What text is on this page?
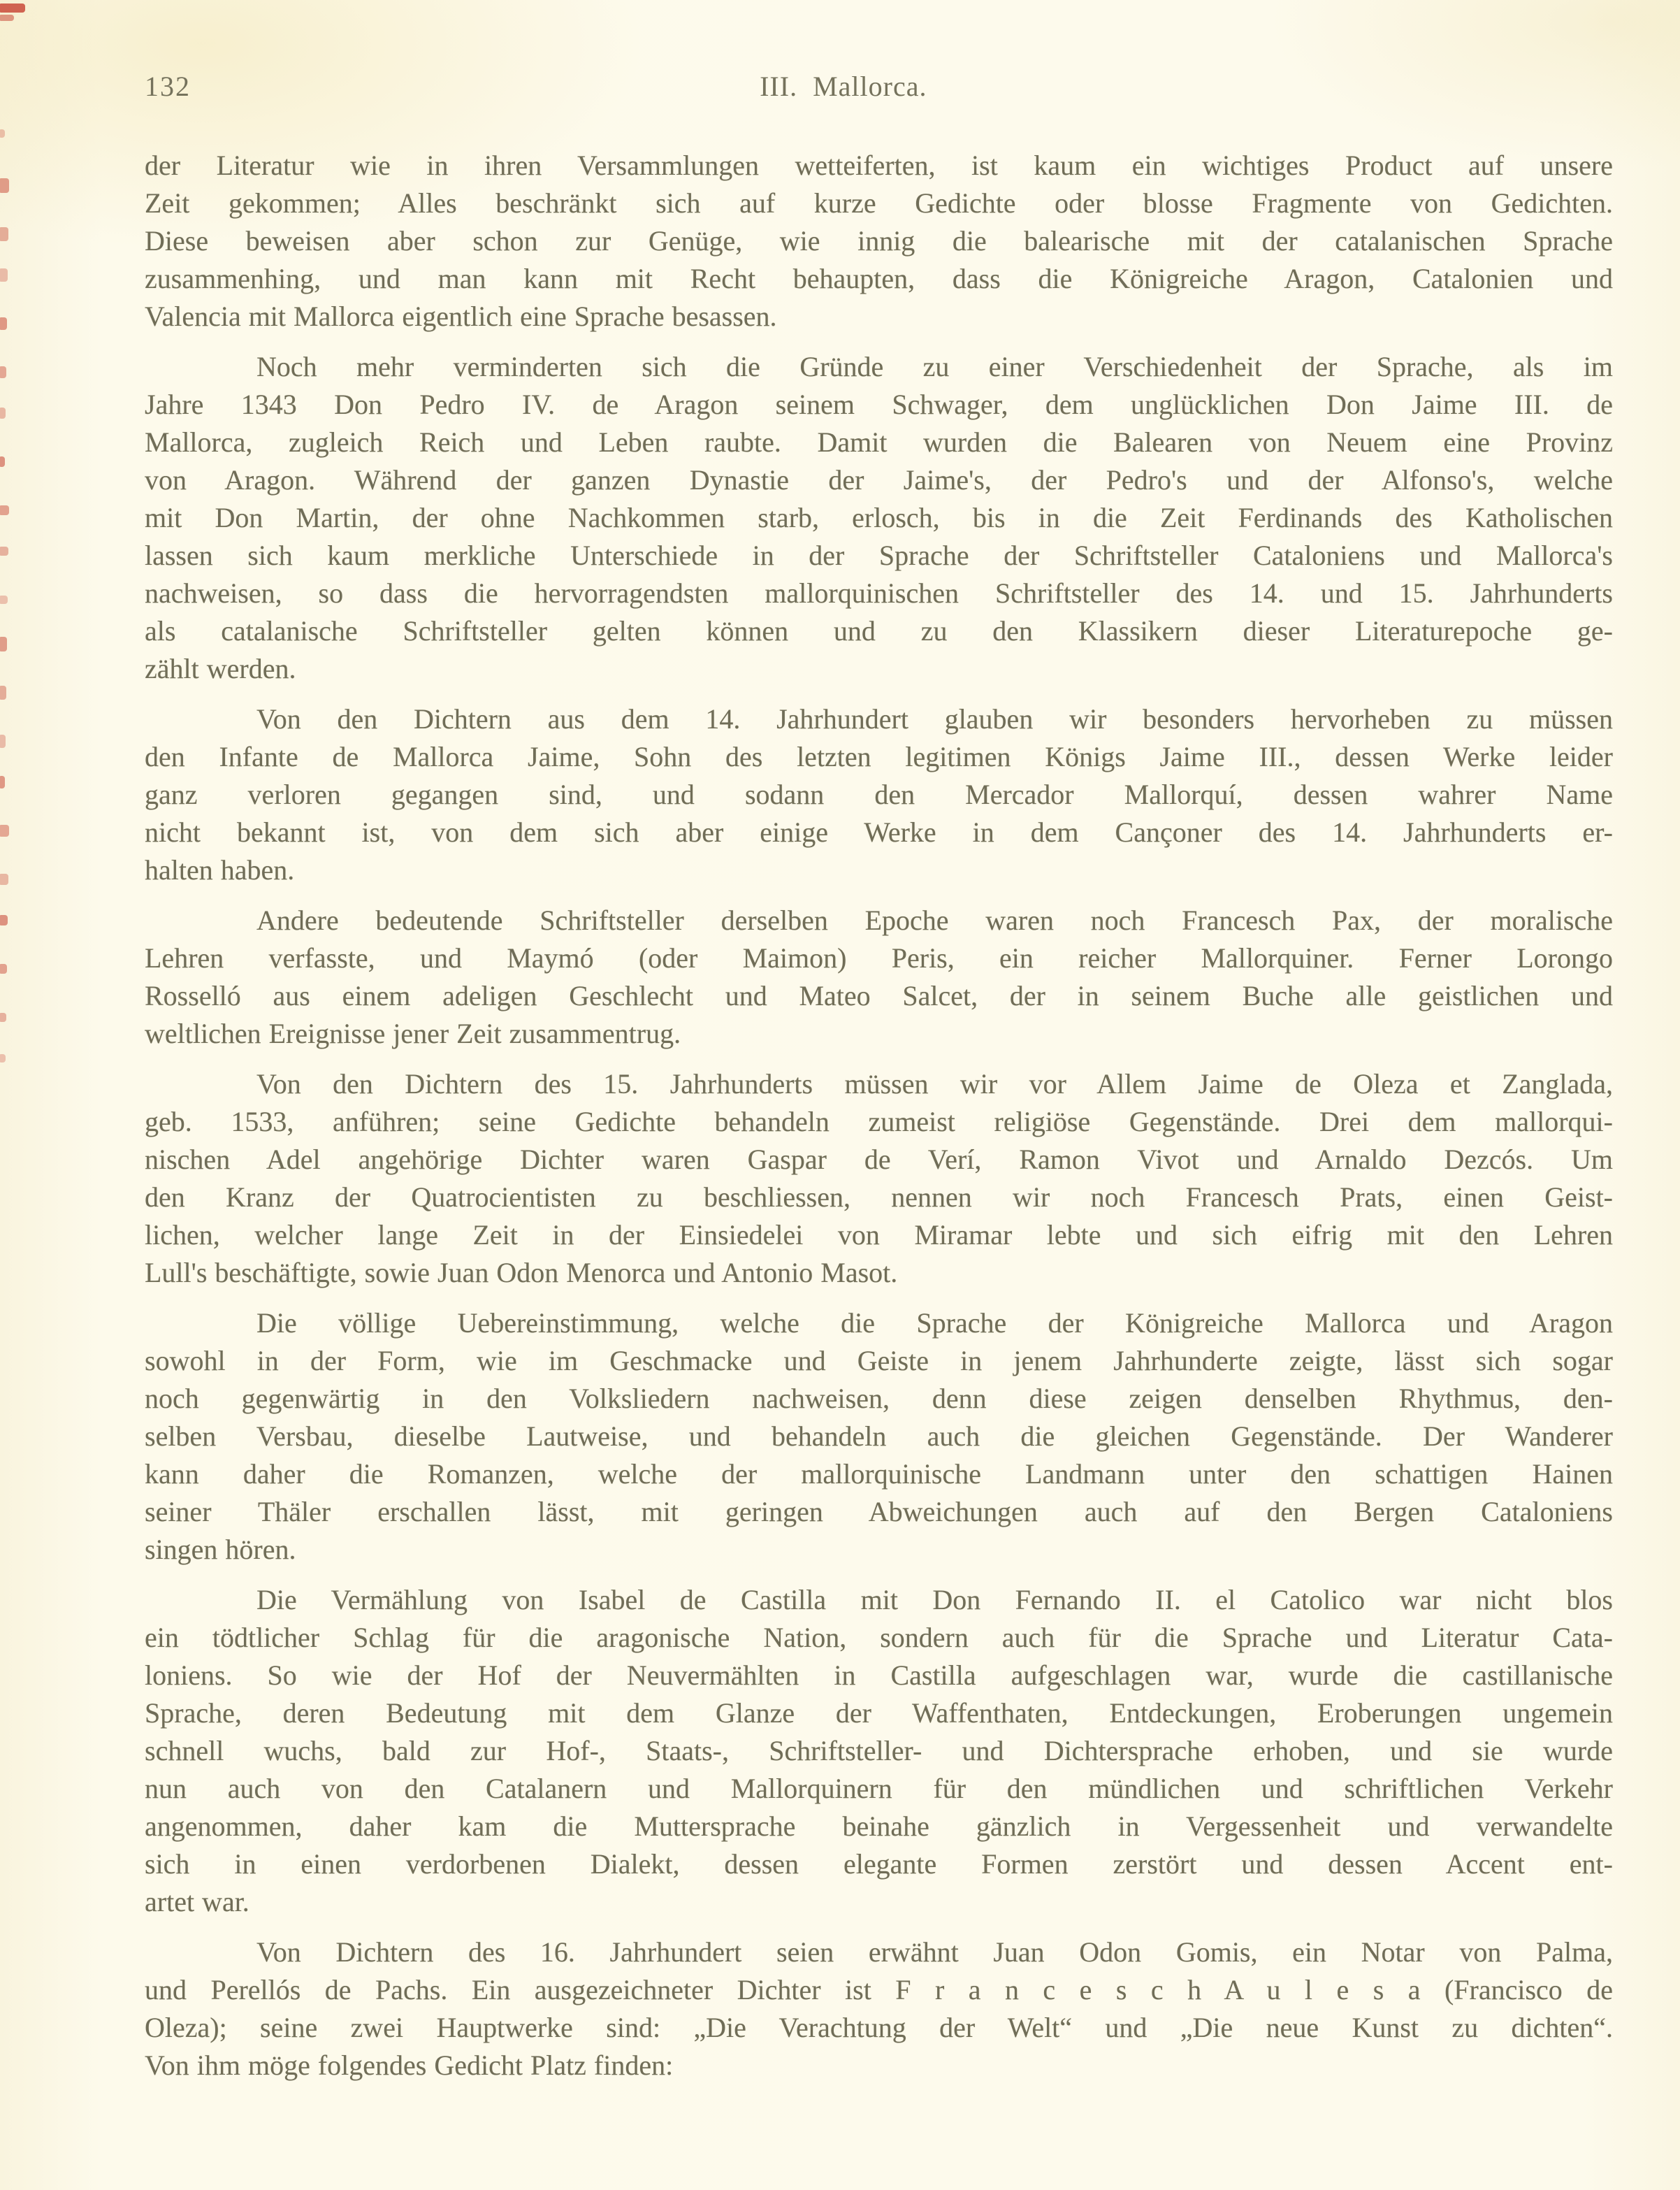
132	III.  Mallorca.

der Literatur wie in ihren Versammlungen wetteiferten, ist kaum ein wichtiges Product auf unsere
Zeit gekommen; Alles beschränkt sich auf kurze Gedichte oder blosse Fragmente von Gedichten.
Diese beweisen aber schon zur Genüge, wie innig die balearische mit der catalanischen Sprache
zusammenhing, und man kann mit Recht behaupten, dass die Königreiche Aragon, Catalonien und
Valencia mit Mallorca eigentlich eine Sprache besassen.

Noch mehr verminderten sich die Gründe zu einer Verschiedenheit der Sprache, als im
Jahre 1343 Don Pedro IV. de Aragon seinem Schwager, dem unglücklichen Don Jaime III. de
Mallorca, zugleich Reich und Leben raubte. Damit wurden die Balearen von Neuem eine Provinz
von Aragon. Während der ganzen Dynastie der Jaime's, der Pedro's und der Alfonso's, welche
mit Don Martin, der ohne Nachkommen starb, erlosch, bis in die Zeit Ferdinands des Katholischen
lassen sich kaum merkliche Unterschiede in der Sprache der Schriftsteller Cataloniens und Mallorca's
nachweisen, so dass die hervorragendsten mallorquinischen Schriftsteller des 14. und 15. Jahrhunderts
als catalanische Schriftsteller gelten können und zu den Klassikern dieser Literaturepoche ge-
zählt werden.

Von den Dichtern aus dem 14. Jahrhundert glauben wir besonders hervorheben zu müssen
den Infante de Mallorca Jaime, Sohn des letzten legitimen Königs Jaime III., dessen Werke leider
ganz verloren gegangen sind, und sodann den Mercador Mallorquí, dessen wahrer Name
nicht bekannt ist, von dem sich aber einige Werke in dem Cançoner des 14. Jahrhunderts er-
halten haben.

Andere bedeutende Schriftsteller derselben Epoche waren noch Francesch Pax, der moralische
Lehren verfasste, und Maymó (oder Maimon) Peris, ein reicher Mallorquiner. Ferner Lorongo
Rosselló aus einem adeligen Geschlecht und Mateo Salcet, der in seinem Buche alle geistlichen und
weltlichen Ereignisse jener Zeit zusammentrug.

Von den Dichtern des 15. Jahrhunderts müssen wir vor Allem Jaime de Oleza et Zanglada,
geb. 1533, anführen; seine Gedichte behandeln zumeist religiöse Gegenstände. Drei dem mallorqui-
nischen Adel angehörige Dichter waren Gaspar de Verí, Ramon Vivot und Arnaldo Dezcós. Um
den Kranz der Quatrocientisten zu beschliessen, nennen wir noch Francesch Prats, einen Geist-
lichen, welcher lange Zeit in der Einsiedelei von Miramar lebte und sich eifrig mit den Lehren
Lull's beschäftigte, sowie Juan Odon Menorca und Antonio Masot.

Die völlige Uebereinstimmung, welche die Sprache der Königreiche Mallorca und Aragon
sowohl in der Form, wie im Geschmacke und Geiste in jenem Jahrhunderte zeigte, lässt sich sogar
noch gegenwärtig in den Volksliedern nachweisen, denn diese zeigen denselben Rhythmus, den-
selben Versbau, dieselbe Lautweise, und behandeln auch die gleichen Gegenstände. Der Wanderer
kann daher die Romanzen, welche der mallorquinische Landmann unter den schattigen Hainen
seiner Thäler erschallen lässt, mit geringen Abweichungen auch auf den Bergen Cataloniens
singen hören.

Die Vermählung von Isabel de Castilla mit Don Fernando II. el Catolico war nicht blos
ein tödtlicher Schlag für die aragonische Nation, sondern auch für die Sprache und Literatur Cata-
loniens. So wie der Hof der Neuvermählten in Castilla aufgeschlagen war, wurde die castillanische
Sprache, deren Bedeutung mit dem Glanze der Waffenthaten, Entdeckungen, Eroberungen ungemein
schnell wuchs, bald zur Hof-, Staats-, Schriftsteller- und Dichtersprache erhoben, und sie wurde
nun auch von den Catalanern und Mallorquinern für den mündlichen und schriftlichen Verkehr
angenommen, daher kam die Muttersprache beinahe gänzlich in Vergessenheit und verwandelte
sich in einen verdorbenen Dialekt, dessen elegante Formen zerstört und dessen Accent ent-
artet war.

Von Dichtern des 16. Jahrhundert seien erwähnt Juan Odon Gomis, ein Notar von Palma,
und Perellós de Pachs. Ein ausgezeichneter Dichter ist F r a n c e s c h A u l e s a (Francisco de
Oleza); seine zwei Hauptwerke sind: „Die Verachtung der Welt“ und „Die neue Kunst zu dichten“.
Von ihm möge folgendes Gedicht Platz finden:
